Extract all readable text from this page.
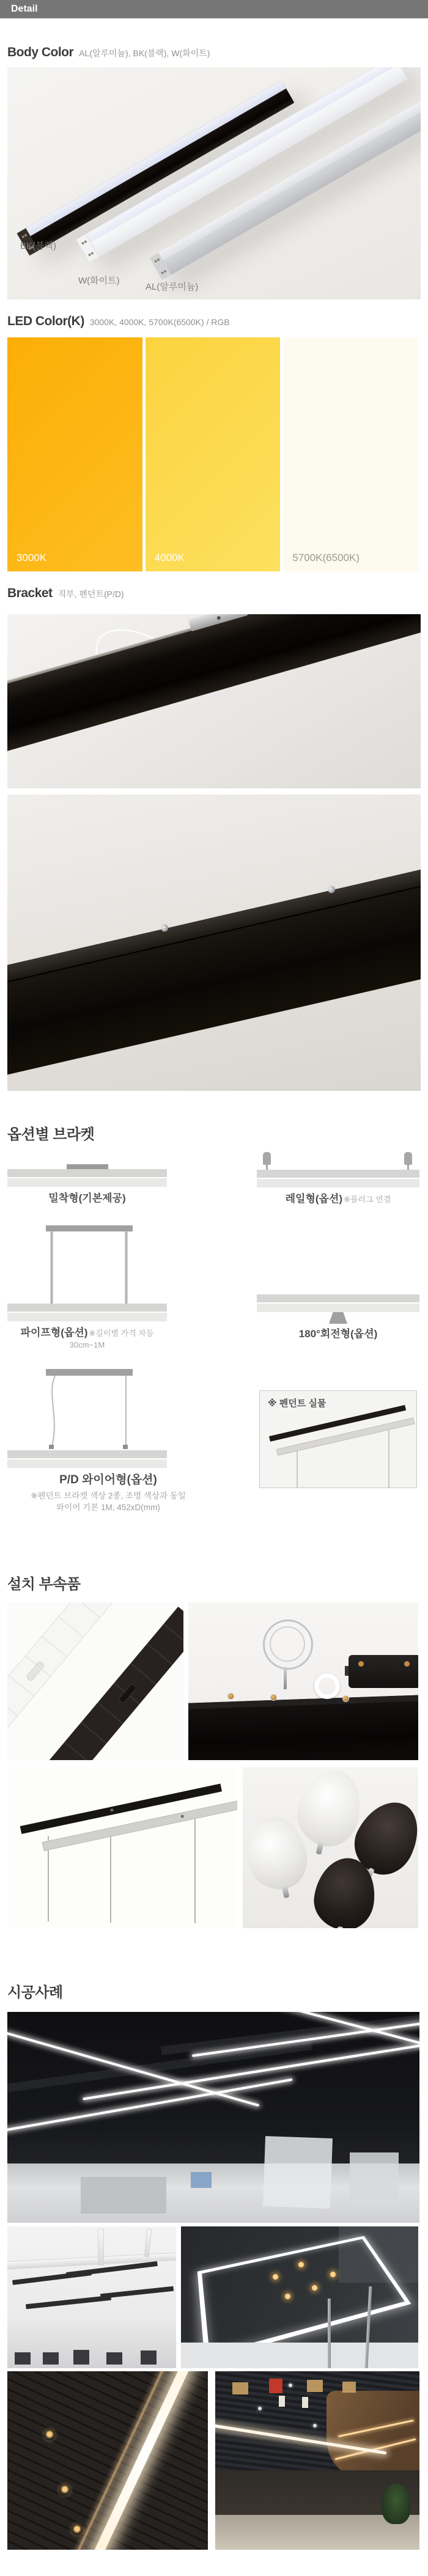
Detail
Body Color AL(알루미늄), BK(블랙), W(화이트)
BK(블랙)
W(화이트)
AL(알루미늄)
LED Color(K) 3000K, 4000K, 5700K(6500K) / RGB
3000K	4000K	5700K(6500K)
Bracket 직부, 펜던트(P/D)
옵션별 브라켓
밀착형(기본제공)	레일형(옵션) ※플러그 연결
파이프형(옵션) ※길이별 가격 차등
30cm~1M
180°회전형(옵션)
P/D 와이어형(옵션)
※펜던트 브라켓 색상 2종, 조명 색상과 동일
와이어 기본 1M, 452xD(mm)
※ 펜던트 실물
설치 부속품
시공사례
